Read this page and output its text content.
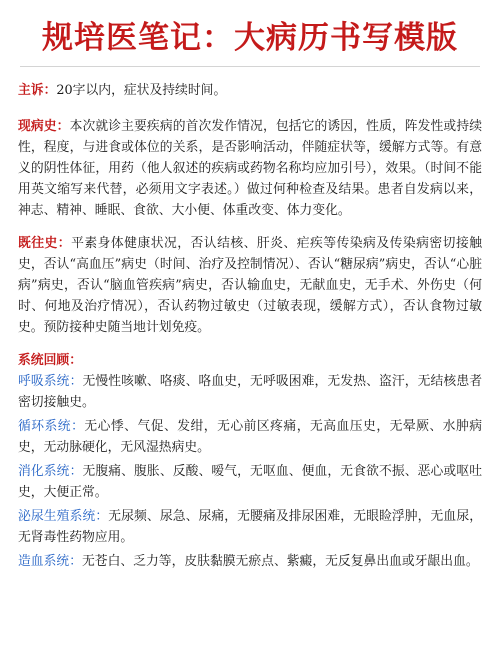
规培医笔记：大病历书写模版

主诉：20字以内，症状及持续时间。

现病史：本次就诊主要疾病的首次发作情况，包括它的诱因，性质，阵发性或持续性，程度，与进食或体位的关系，是否影响活动，伴随症状等，缓解方式等。有意义的阴性体征，用药（他人叙述的疾病或药物名称均应加引号），效果。（时间不能用英文缩写来代替，必须用文字表述。）做过何种检查及结果。患者自发病以来，神志、精神、睡眠、食欲、大小便、体重改变、体力变化。

既往史：平素身体健康状况，否认结核、肝炎、疟疾等传染病及传染病密切接触史，否认“高血压”病史（时间、治疗及控制情况）、否认“糖尿病”病史，否认“心脏病”病史，否认“脑血管疾病”病史，否认输血史，无献血史，无手术、外伤史（何时、何地及治疗情况），否认药物过敏史（过敏表现，缓解方式），否认食物过敏史。预防接种史随当地计划免疫。

系统回顾：

呼吸系统：无慢性咳嗽、咯痰、咯血史，无呼吸困难，无发热、盗汗，无结核患者密切接触史。

循环系统：无心悸、气促、发绀，无心前区疼痛，无高血压史，无晕厥、水肿病史，无动脉硬化，无风湿热病史。

消化系统：无腹痛、腹胀、反酸、嗳气，无呕血、便血，无食欲不振、恶心或呕吐史，大便正常。

泌尿生殖系统：无尿频、尿急、尿痛，无腰痛及排尿困难，无眼睑浮肿，无血尿，无肾毒性药物应用。

造血系统：无苍白、乏力等，皮肤黏膜无瘀点、紫癜，无反复鼻出血或牙龈出血。
